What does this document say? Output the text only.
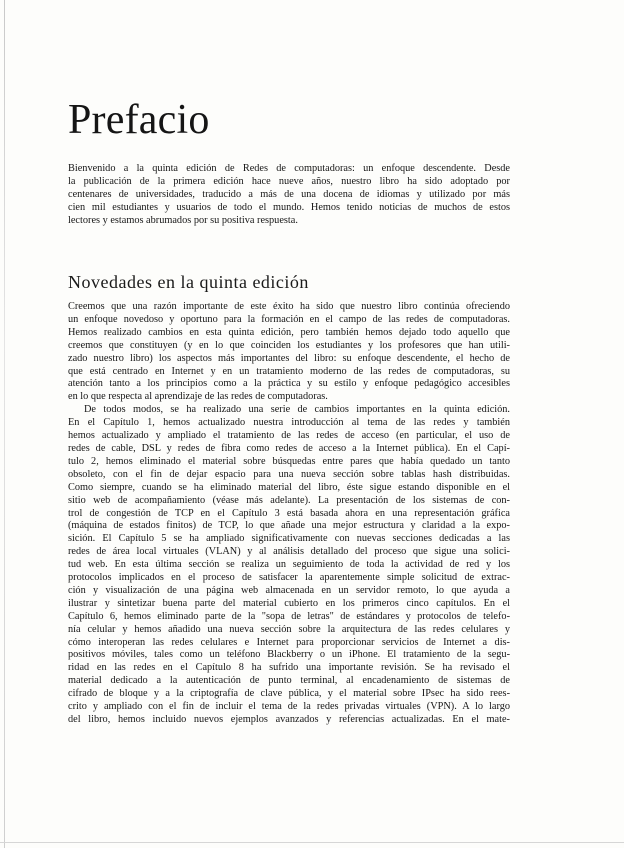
Prefacio
Bienvenido a la quinta edición de Redes de computadoras: un enfoque descendente. Desde
la publicación de la primera edición hace nueve años, nuestro libro ha sido adoptado por
centenares de universidades, traducido a más de una docena de idiomas y utilizado por más
cien mil estudiantes y usuarios de todo el mundo. Hemos tenido noticias de muchos de estos
lectores y estamos abrumados por su positiva respuesta.
Novedades en la quinta edición
Creemos que una razón importante de este éxito ha sido que nuestro libro continúa ofreciendo
un enfoque novedoso y oportuno para la formación en el campo de las redes de computadoras.
Hemos realizado cambios en esta quinta edición, pero también hemos dejado todo aquello que
creemos que constituyen (y en lo que coinciden los estudiantes y los profesores que han utili-
zado nuestro libro) los aspectos más importantes del libro: su enfoque descendente, el hecho de
que está centrado en Internet y en un tratamiento moderno de las redes de computadoras, su
atención tanto a los principios como a la práctica y su estilo y enfoque pedagógico accesibles
en lo que respecta al aprendizaje de las redes de computadoras.
De todos modos, se ha realizado una serie de cambios importantes en la quinta edición.
En el Capítulo 1, hemos actualizado nuestra introducción al tema de las redes y también
hemos actualizado y ampliado el tratamiento de las redes de acceso (en particular, el uso de
redes de cable, DSL y redes de fibra como redes de acceso a la Internet pública). En el Capí-
tulo 2, hemos eliminado el material sobre búsquedas entre pares que había quedado un tanto
obsoleto, con el fin de dejar espacio para una nueva sección sobre tablas hash distribuidas.
Como siempre, cuando se ha eliminado material del libro, éste sigue estando disponible en el
sitio web de acompañamiento (véase más adelante). La presentación de los sistemas de con-
trol de congestión de TCP en el Capítulo 3 está basada ahora en una representación gráfica
(máquina de estados finitos) de TCP, lo que añade una mejor estructura y claridad a la expo-
sición. El Capítulo 5 se ha ampliado significativamente con nuevas secciones dedicadas a las
redes de área local virtuales (VLAN) y al análisis detallado del proceso que sigue una solici-
tud web. En esta última sección se realiza un seguimiento de toda la actividad de red y los
protocolos implicados en el proceso de satisfacer la aparentemente simple solicitud de extrac-
ción y visualización de una página web almacenada en un servidor remoto, lo que ayuda a
ilustrar y sintetizar buena parte del material cubierto en los primeros cinco capítulos. En el
Capítulo 6, hemos eliminado parte de la "sopa de letras" de estándares y protocolos de telefo-
nía celular y hemos añadido una nueva sección sobre la arquitectura de las redes celulares y
cómo interoperan las redes celulares e Internet para proporcionar servicios de Internet a dis-
positivos móviles, tales como un teléfono Blackberry o un iPhone. El tratamiento de la segu-
ridad en las redes en el Capítulo 8 ha sufrido una importante revisión. Se ha revisado el
material dedicado a la autenticación de punto terminal, al encadenamiento de sistemas de
cifrado de bloque y a la criptografía de clave pública, y el material sobre IPsec ha sido rees-
crito y ampliado con el fin de incluir el tema de la redes privadas virtuales (VPN). A lo largo
del libro, hemos incluido nuevos ejemplos avanzados y referencias actualizadas. En el mate-
